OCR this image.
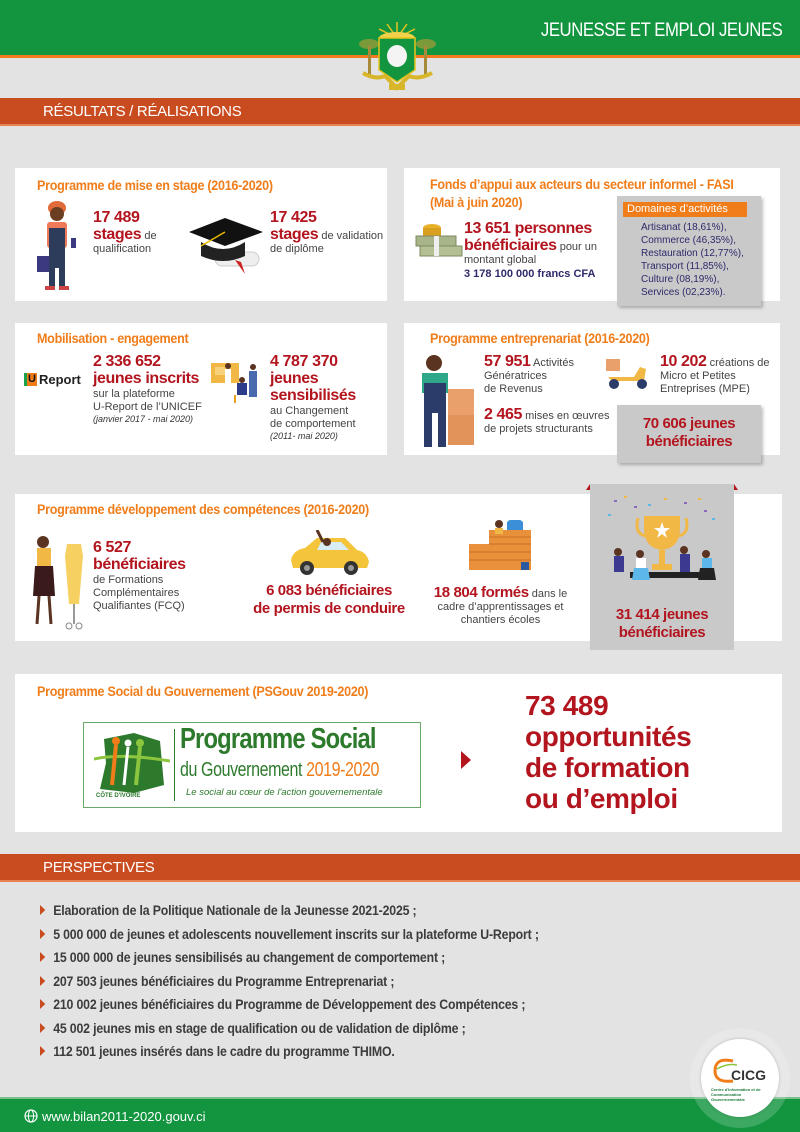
JEUNESSE ET EMPLOI JEUNES
RÉSULTATS / RÉALISATIONS
Programme de mise en stage (2016-2020)
17 489
stages de
qualification
17 425
stages de validation
de diplôme
Fonds d’appui aux acteurs du secteur informel - FASI
(Mai à juin 2020)
13 651 personnes
bénéficiaires pour un
montant global
3 178 100 000 francs CFA
Domaines d’activités
Artisanat (18,61%),
Commerce (46,35%),
Restauration (12,77%),
Transport (11,85%),
Culture (08,19%),
Services (02,23%).
Mobilisation - engagement
U Report
2 336 652
jeunes inscrits
sur la plateforme
U-Report de l’UNICEF
(janvier 2017 - mai 2020)
4 787 370
jeunes
sensibilisés
au Changement
de comportement
(2011- mai 2020)
Programme entreprenariat (2016-2020)
57 951 Activités
Génératrices
de Revenus
2 465 mises en œuvres
de projets structurants
10 202 créations de
Micro et Petites
Entreprises (MPE)
70 606 jeunes
bénéficiaires
Programme développement des compétences (2016-2020)
6 527
bénéficiaires
de Formations
Complémentaires
Qualifiantes (FCQ)
6 083 bénéficiaires
de permis de conduire
18 804 formés dans le
cadre d’apprentissages et
chantiers écoles	31 414 jeunes
bénéficiaires
Programme Social du Gouvernement (PSGouv 2019-2020)
CÔTE D'IVOIRE
Programme Social
du Gouvernement 2019-2020
Le social au cœur de l'action gouvernementale
73 489
opportunités
de formation
ou d’emploi
PERSPECTIVES
Elaboration de la Politique Nationale de la Jeunesse 2021-2025 ;
5 000 000 de jeunes et adolescents nouvellement inscrits sur la plateforme U-Report ;
15 000 000 de jeunes sensibilisés au changement de comportement ;
207 503 jeunes bénéficiaires du Programme Entreprenariat ;
210 002 jeunes bénéficiaires du Programme de Développement des Compétences ;
45 002 jeunes mis en stage de qualification ou de validation de diplôme ;
112 501 jeunes insérés dans le cadre du programme THIMO.
www.bilan2011-2020.gouv.ci
CICG
Centre d'Information et de Communication Gouvernementale
